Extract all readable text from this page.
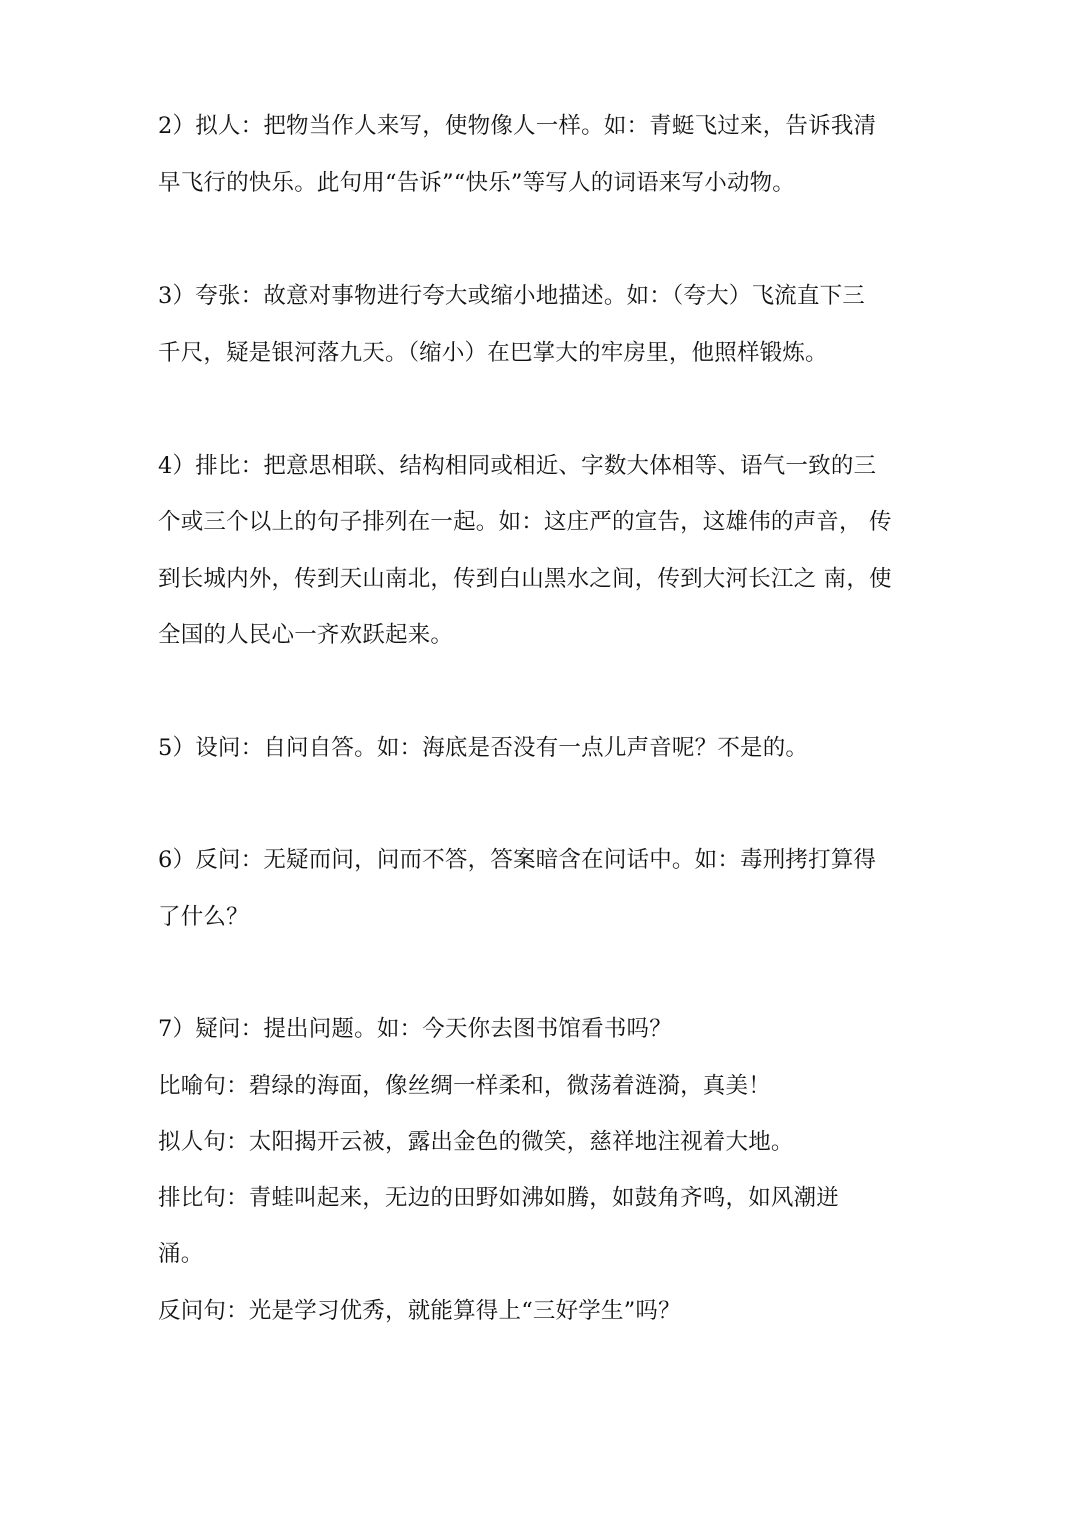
2）拟人：把物当作人来写，使物像人一样。如：青蜓飞过来，告诉我清
早飞行的快乐。此句用“告诉”“快乐”等写人的词语来写小动物。
3）夸张：故意对事物进行夸大或缩小地描述。如：（夸大）飞流直下三
千尺，疑是银河落九天。（缩小）在巴掌大的牢房里，他照样锻炼。
4）排比：把意思相联、结构相同或相近、字数大体相等、语气一致的三
个或三个以上的句子排列在一起。如：这庄严的宣告，这雄伟的声音， 传
到长城内外，传到天山南北，传到白山黑水之间，传到大河长江之 南，使
全国的人民心一齐欢跃起来。
5）设问：自问自答。如：海底是否没有一点儿声音呢？不是的。
6）反问：无疑而问，问而不答，答案暗含在问话中。如：毒刑拷打算得
了什么？
7）疑问：提出问题。如：今天你去图书馆看书吗？
比喻句：碧绿的海面，像丝绸一样柔和，微荡着涟漪，真美！
拟人句：太阳揭开云被，露出金色的微笑，慈祥地注视着大地。
排比句：青蛙叫起来，无边的田野如沸如腾，如鼓角齐鸣，如风潮迸
涌。
反问句：光是学习优秀，就能算得上“三好学生”吗？
